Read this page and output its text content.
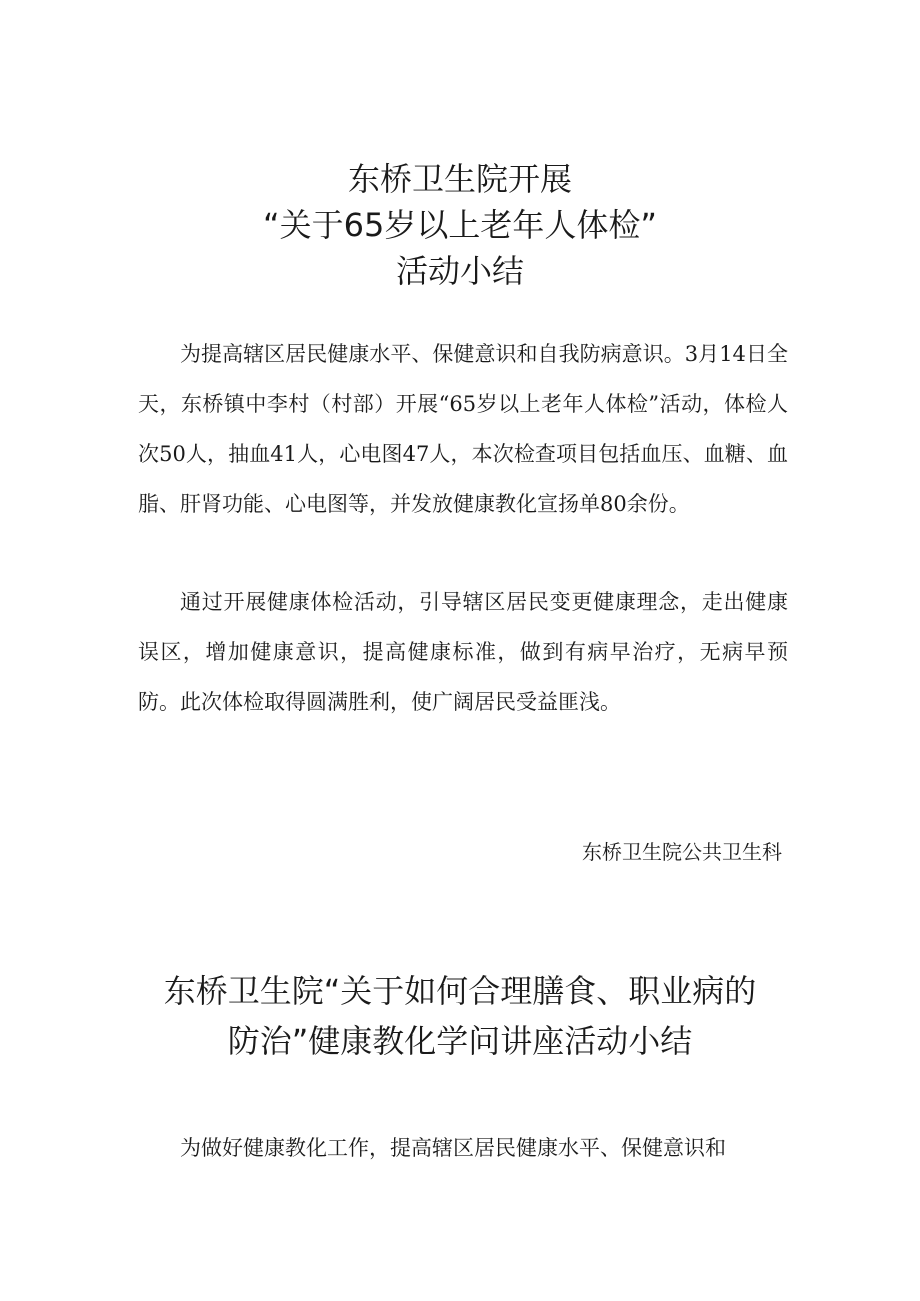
东桥卫生院开展
“关于65岁以上老年人体检”
活动小结

为提高辖区居民健康水平、保健意识和自我防病意识。3月14日全天，东桥镇中李村（村部）开展“65岁以上老年人体检”活动，体检人次50人，抽血41人，心电图47人，本次检查项目包括血压、血糖、血脂、肝肾功能、心电图等，并发放健康教化宣扬单80余份。

通过开展健康体检活动，引导辖区居民变更健康理念，走出健康误区，增加健康意识，提高健康标准，做到有病早治疗，无病早预防。此次体检取得圆满胜利，使广阔居民受益匪浅。

东桥卫生院公共卫生科

东桥卫生院“关于如何合理膳食、职业病的
防治”健康教化学问讲座活动小结

为做好健康教化工作，提高辖区居民健康水平、保健意识和
